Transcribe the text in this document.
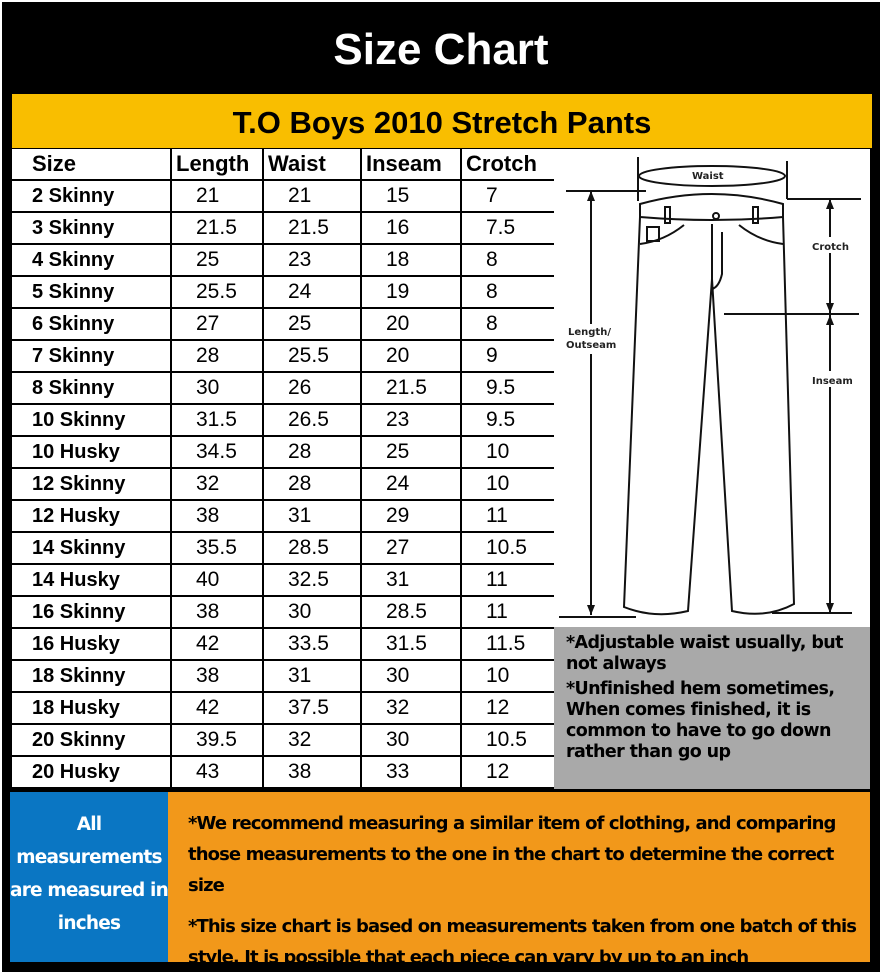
Size Chart
T.O Boys 2010 Stretch Pants
Size	Length	Waist	Inseam	Crotch
2 Skinny	21	21	15	7
3 Skinny	21.5	21.5	16	7.5
4 Skinny	25	23	18	8
5 Skinny	25.5	24	19	8
6 Skinny	27	25	20	8
7 Skinny	28	25.5	20	9
8 Skinny	30	26	21.5	9.5
10 Skinny	31.5	26.5	23	9.5
10 Husky	34.5	28	25	10
12 Skinny	32	28	24	10
12 Husky	38	31	29	11
14 Skinny	35.5	28.5	27	10.5
14 Husky	40	32.5	31	11
16 Skinny	38	30	28.5	11
16 Husky	42	33.5	31.5	11.5
18 Skinny	38	31	30	10
18 Husky	42	37.5	32	12
20 Skinny	39.5	32	30	10.5
20 Husky	43	38	33	12
Waist
Crotch
Length/
Outseam
Inseam

*Adjustable waist usually, but not always

*Unfinished hem sometimes, When comes finished, it is common to have to go down rather than go up

All measurements are measured in inches

*We recommend measuring a similar item of clothing, and comparing those measurements to the one in the chart to determine the correct size

*This size chart is based on measurements taken from one batch of this style. It is possible that each piece can vary by up to an inch
